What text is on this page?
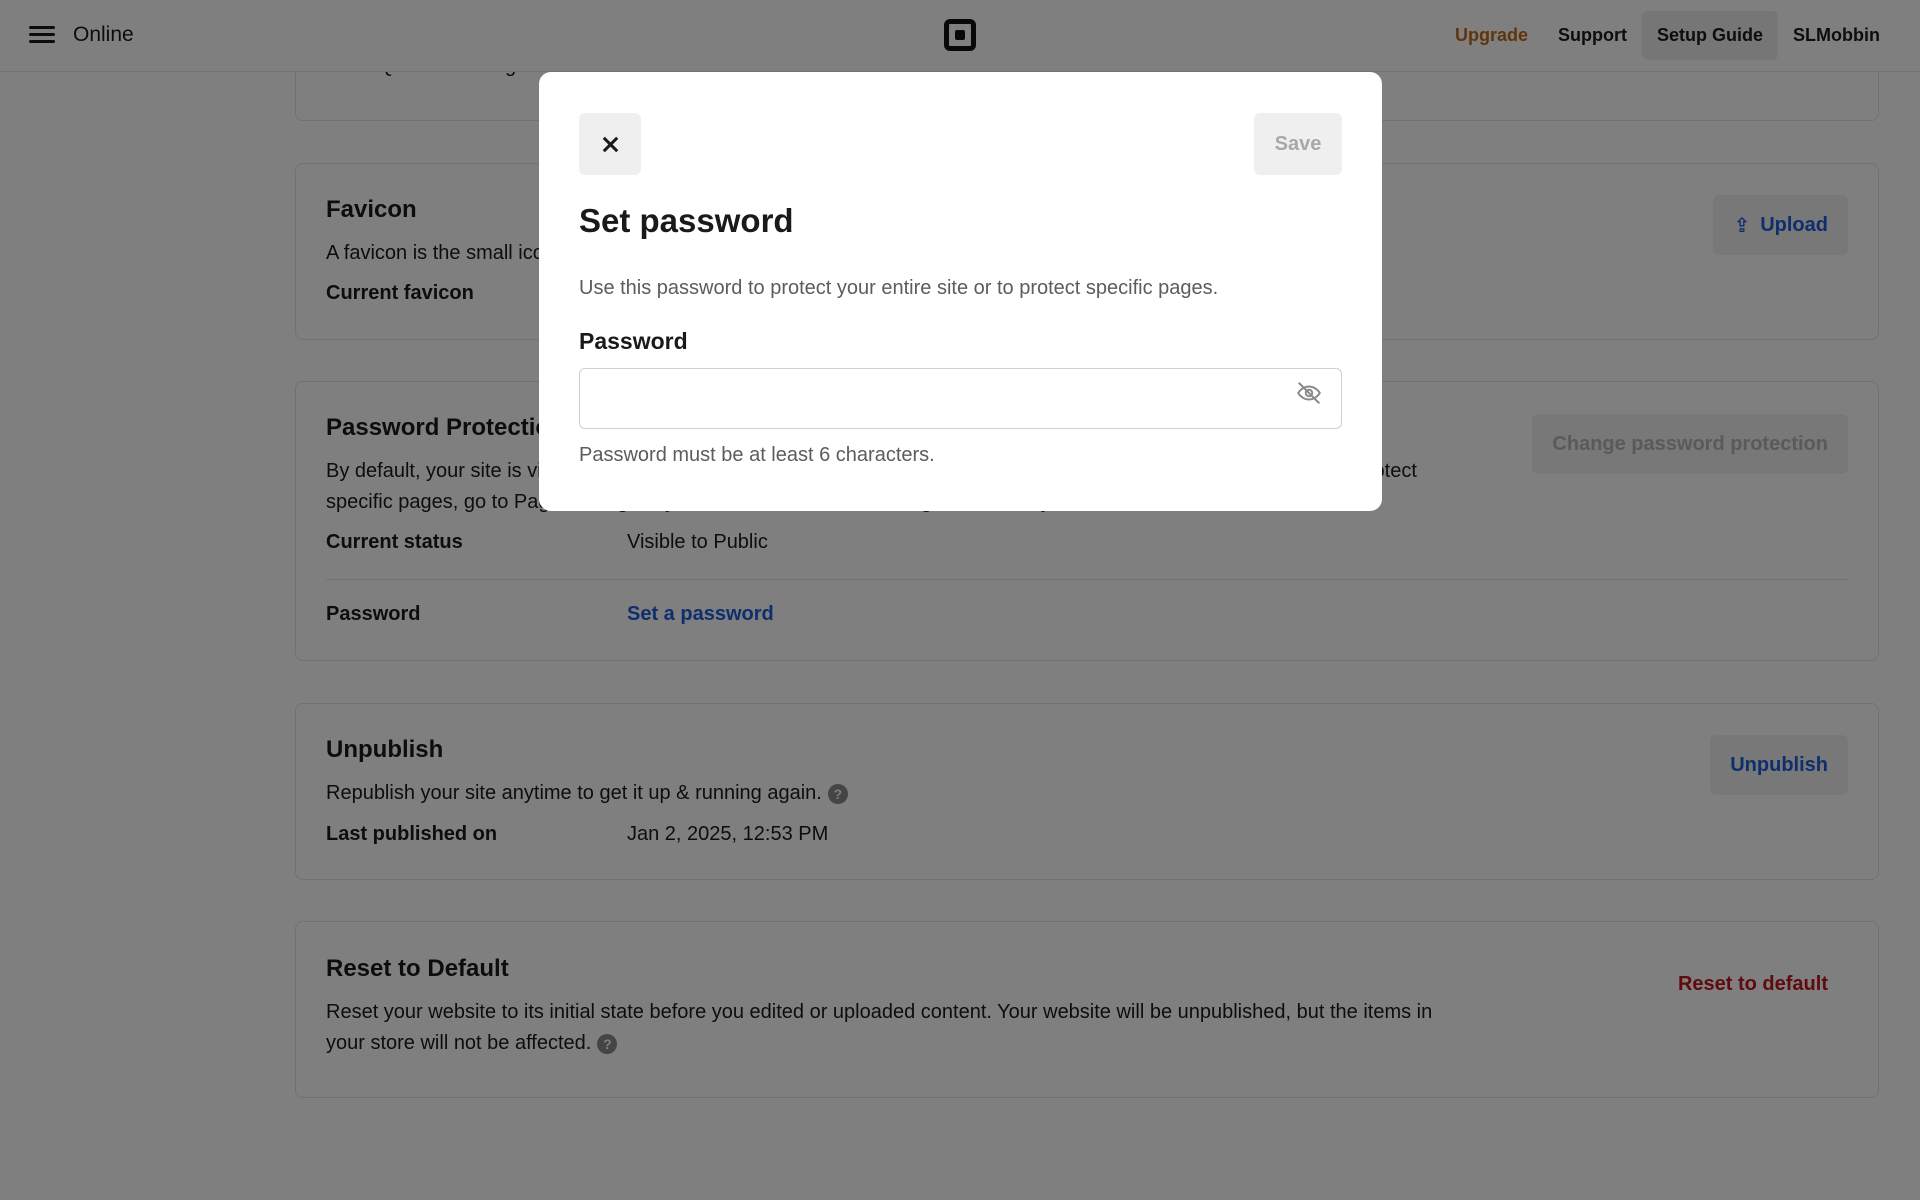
Save
Set password
Use this password to protect your entire site or to protect specific pages.
Password
Password must be at least 6 characters.
